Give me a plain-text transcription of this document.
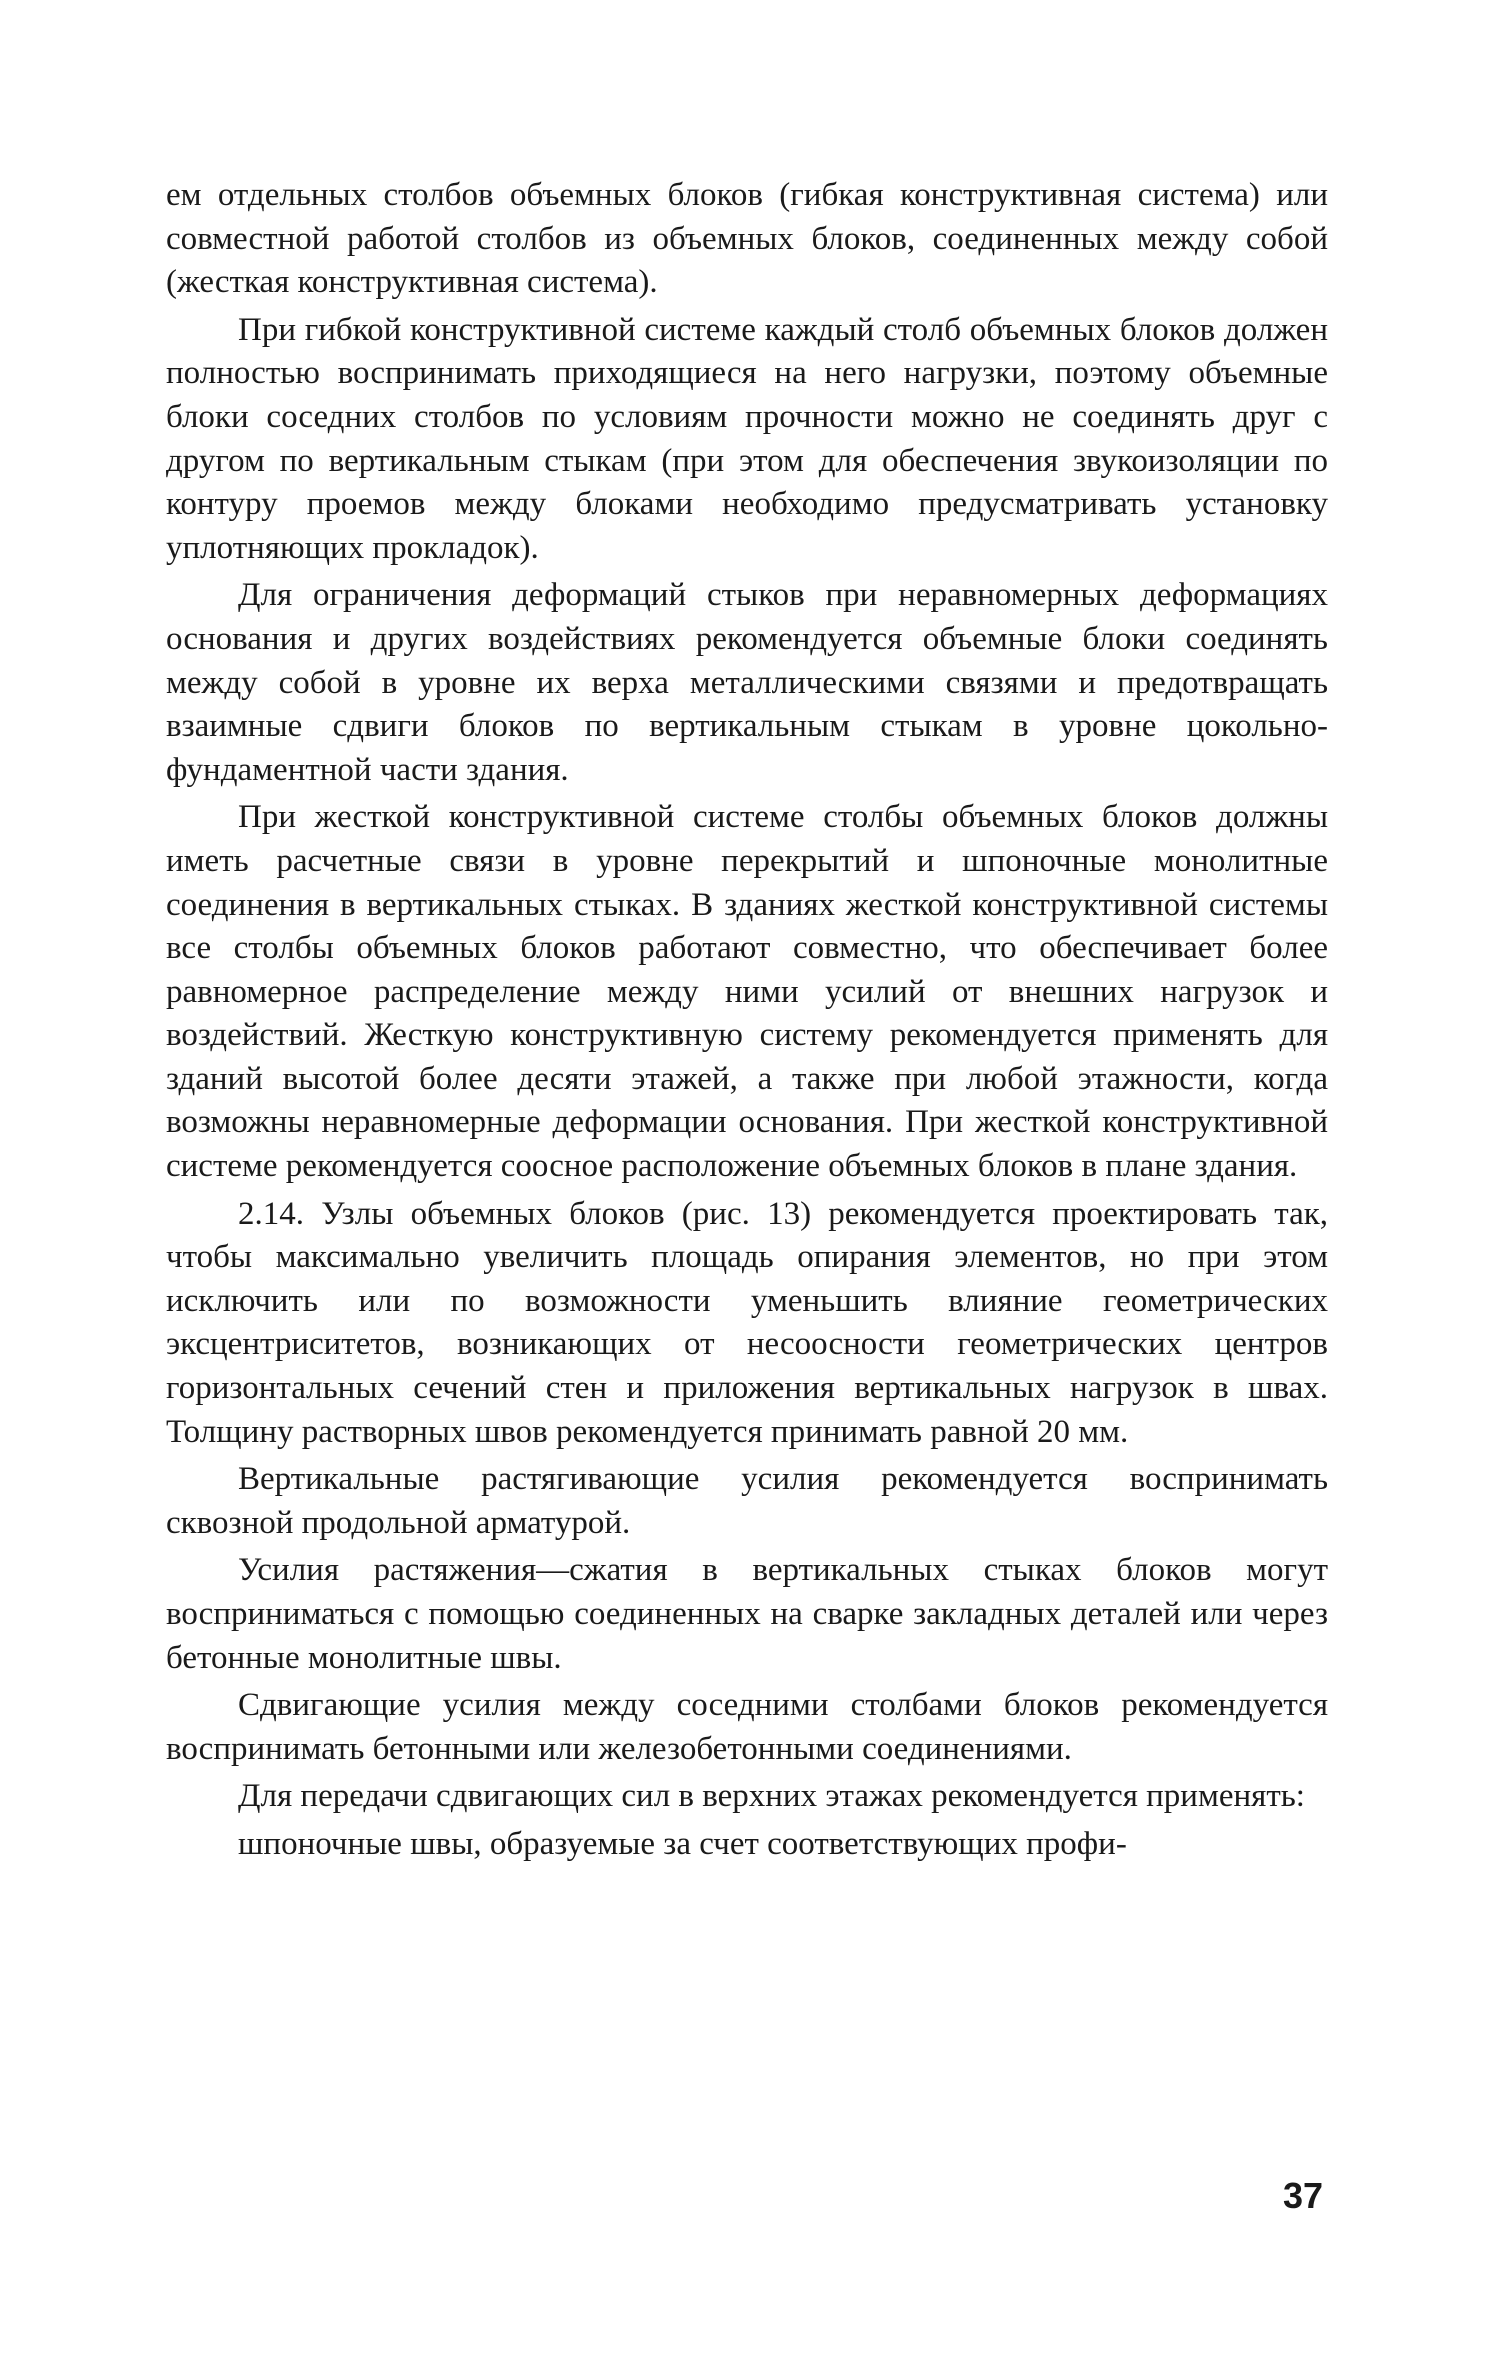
ем отдельных столбов объемных блоков (гибкая конструктивная система) или совместной работой столбов из объемных блоков, соединенных между собой (жесткая конструктивная система).

При гибкой конструктивной системе каждый столб объемных блоков должен полностью воспринимать приходящиеся на него нагрузки, поэтому объемные блоки соседних столбов по условиям прочности можно не соединять друг с другом по вертикальным стыкам (при этом для обеспечения звукоизоляции по контуру проемов между блоками необходимо предусматривать установку уплотняющих прокладок).

Для ограничения деформаций стыков при неравномерных деформациях основания и других воздействиях рекомендуется объемные блоки соединять между собой в уровне их верха металлическими связями и предотвращать взаимные сдвиги блоков по вертикальным стыкам в уровне цокольно-фундаментной части здания.

При жесткой конструктивной системе столбы объемных блоков должны иметь расчетные связи в уровне перекрытий и шпоночные монолитные соединения в вертикальных стыках. В зданиях жесткой конструктивной системы все столбы объемных блоков работают совместно, что обеспечивает более равномерное распределение между ними усилий от внешних нагрузок и воздействий. Жесткую конструктивную систему рекомендуется применять для зданий высотой более десяти этажей, а также при любой этажности, когда возможны неравномерные деформации основания. При жесткой конструктивной системе рекомендуется соосное расположение объемных блоков в плане здания.

2.14. Узлы объемных блоков (рис. 13) рекомендуется проектировать так, чтобы максимально увеличить площадь опирания элементов, но при этом исключить или по возможности уменьшить влияние геометрических эксцентриситетов, возникающих от несоосности геометрических центров горизонтальных сечений стен и приложения вертикальных нагрузок в швах. Толщину растворных швов рекомендуется принимать равной 20 мм.

Вертикальные растягивающие усилия рекомендуется воспринимать сквозной продольной арматурой.

Усилия растяжения—сжатия в вертикальных стыках блоков могут восприниматься с помощью соединенных на сварке закладных деталей или через бетонные монолитные швы.

Сдвигающие усилия между соседними столбами блоков рекомендуется воспринимать бетонными или железобетонными соединениями.

Для передачи сдвигающих сил в верхних этажах рекомендуется применять:

шпоночные швы, образуемые за счет соответствующих профи-

37
